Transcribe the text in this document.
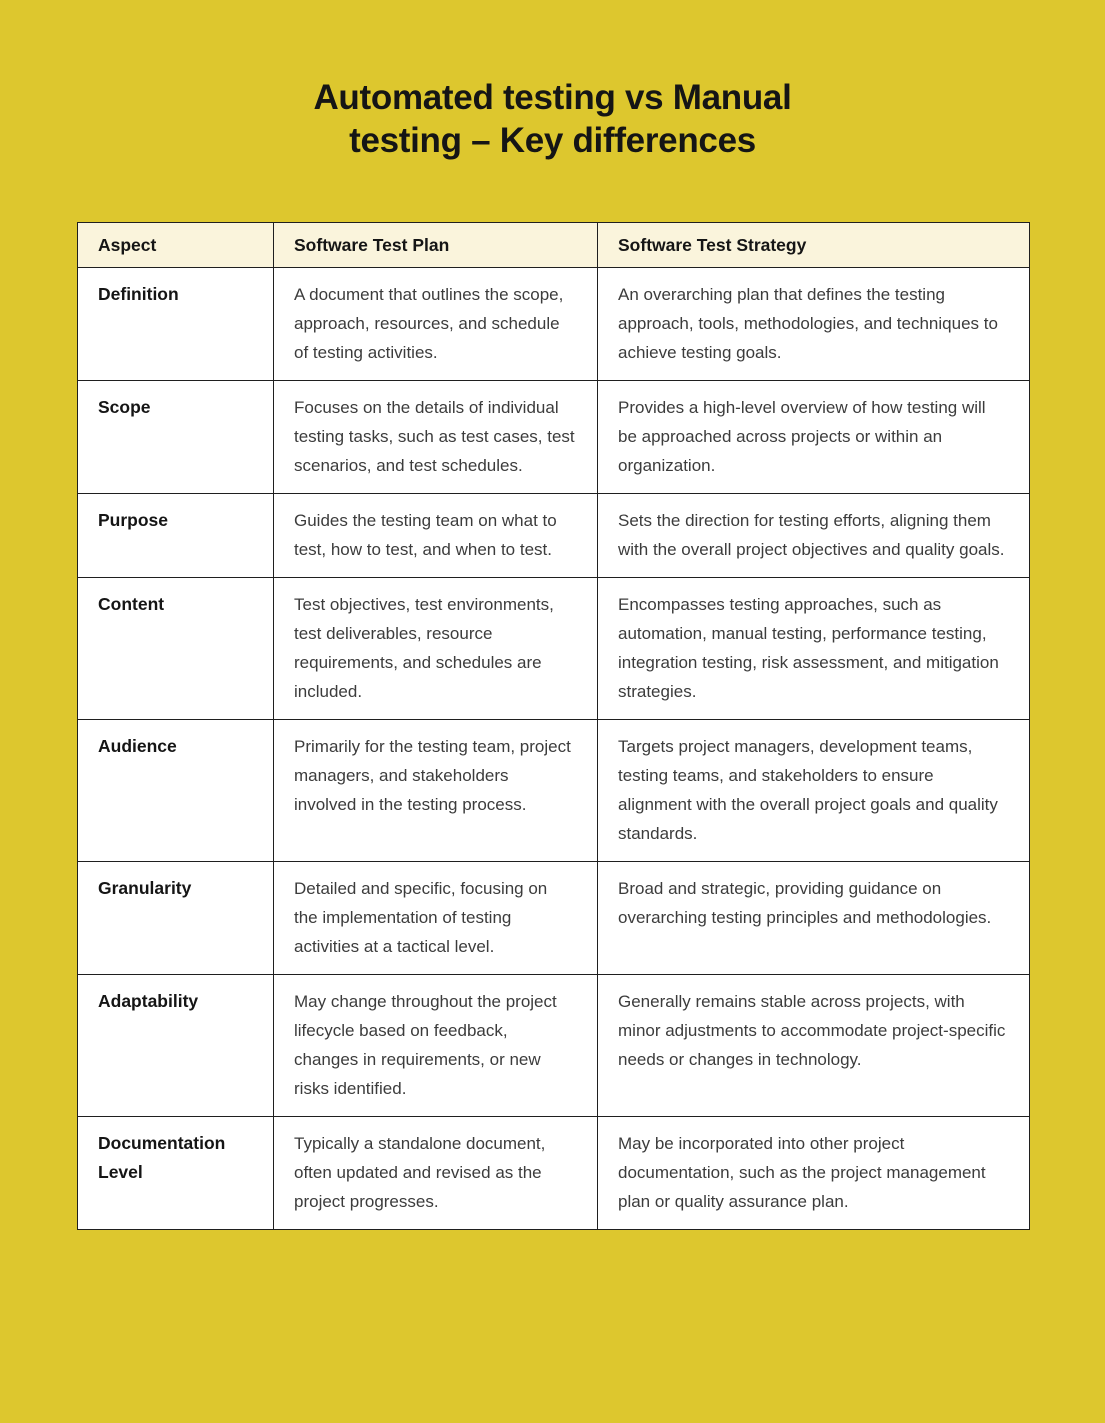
Automated testing vs Manual
testing – Key differences
Aspect	Software Test Plan	Software Test Strategy
Definition	A document that outlines the scope, approach, resources, and schedule of testing activities.	An overarching plan that defines the testing approach, tools, methodologies, and techniques to achieve testing goals.
Scope	Focuses on the details of individual testing tasks, such as test cases, test scenarios, and test schedules.	Provides a high-level overview of how testing will be approached across projects or within an organization.
Purpose	Guides the testing team on what to test, how to test, and when to test.	Sets the direction for testing efforts, aligning them with the overall project objectives and quality goals.
Content	Test objectives, test environments, test deliverables, resource requirements, and schedules are included.	Encompasses testing approaches, such as automation, manual testing, performance testing, integration testing, risk assessment, and mitigation strategies.
Audience	Primarily for the testing team, project managers, and stakeholders involved in the testing process.	Targets project managers, development teams, testing teams, and stakeholders to ensure alignment with the overall project goals and quality standards.
Granularity	Detailed and specific, focusing on the implementation of testing activities at a tactical level.	Broad and strategic, providing guidance on overarching testing principles and methodologies.
Adaptability	May change throughout the project lifecycle based on feedback, changes in requirements, or new risks identified.	Generally remains stable across projects, with minor adjustments to accommodate project-specific needs or changes in technology.
Documentation Level	Typically a standalone document, often updated and revised as the project progresses.	May be incorporated into other project documentation, such as the project management plan or quality assurance plan.
